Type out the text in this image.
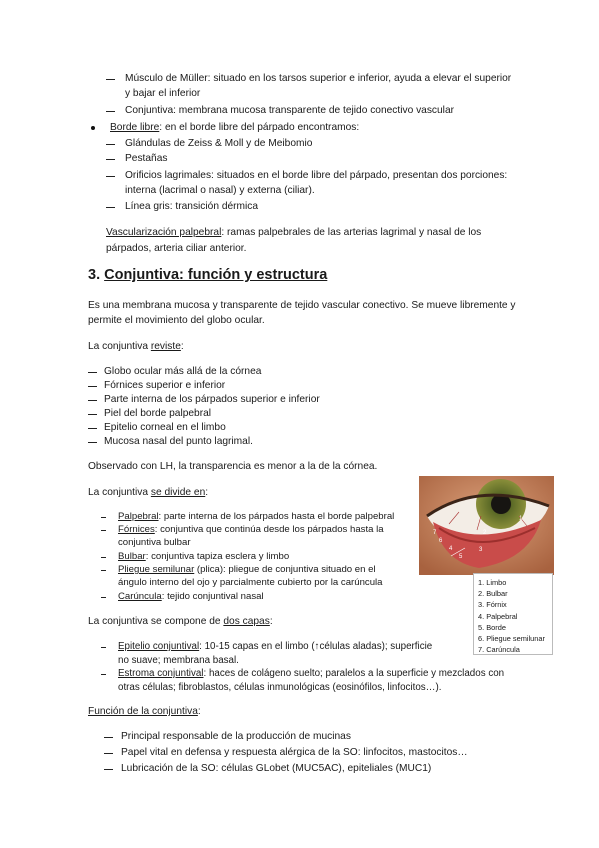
Músculo de Müller: situado en los tarsos superior e inferior, ayuda a elevar el superior
y bajar el inferior
Conjuntiva: membrana mucosa transparente de tejido conectivo vascular
Borde libre: en el borde libre del párpado encontramos:
Glándulas de Zeiss & Moll y de Meibomio
Pestañas
Orificios lagrimales: situados en el borde libre del párpado, presentan dos porciones:
interna (lacrimal o nasal) y externa (ciliar).
Línea gris: transición dérmica
Vascularización palpebral: ramas palpebrales de las arterias lagrimal y nasal de los
párpados, arteria ciliar anterior.
3. Conjuntiva: función y estructura
Es una membrana mucosa y transparente de tejido vascular conectivo. Se mueve libremente y
permite el movimiento del globo ocular.
La conjuntiva reviste:
Globo ocular más allá de la córnea
Fórnices superior e inferior
Parte interna de los párpados superior e inferior
Piel del borde palpebral
Epitelio corneal en el limbo
Mucosa nasal del punto lagrimal.
Observado con LH, la transparencia es menor a la de la córnea.
La conjuntiva se divide en:
Palpebral: parte interna de los párpados hasta el borde palpebral
Fórnices: conjuntiva que continúa desde los párpados hasta la
conjuntiva bulbar
Bulbar: conjuntiva tapiza esclera y limbo
Pliegue semilunar (plica): pliegue de conjuntiva situado en el
ángulo interno del ojo y parcialmente cubierto por la carúncula
Carúncula: tejido conjuntival nasal
2
3
1
4
5
6
7
1. Limbo
2. Bulbar
3. Fórnix
4. Palpebral
5. Borde
6. Pliegue semilunar
7. Carúncula
La conjuntiva se compone de dos capas:
Epitelio conjuntival: 10-15 capas en el limbo (↑células aladas); superficie
no suave; membrana basal.
Estroma conjuntival: haces de colágeno suelto; paralelos a la superficie y mezclados con
otras células; fibroblastos, células inmunológicas (eosinófilos, linfocitos…).
Función de la conjuntiva:
Principal responsable de la producción de mucinas
Papel vital en defensa y respuesta alérgica de la SO: linfocitos, mastocitos…
Lubricación de la SO: células GLobet (MUC5AC), epiteliales (MUC1)
